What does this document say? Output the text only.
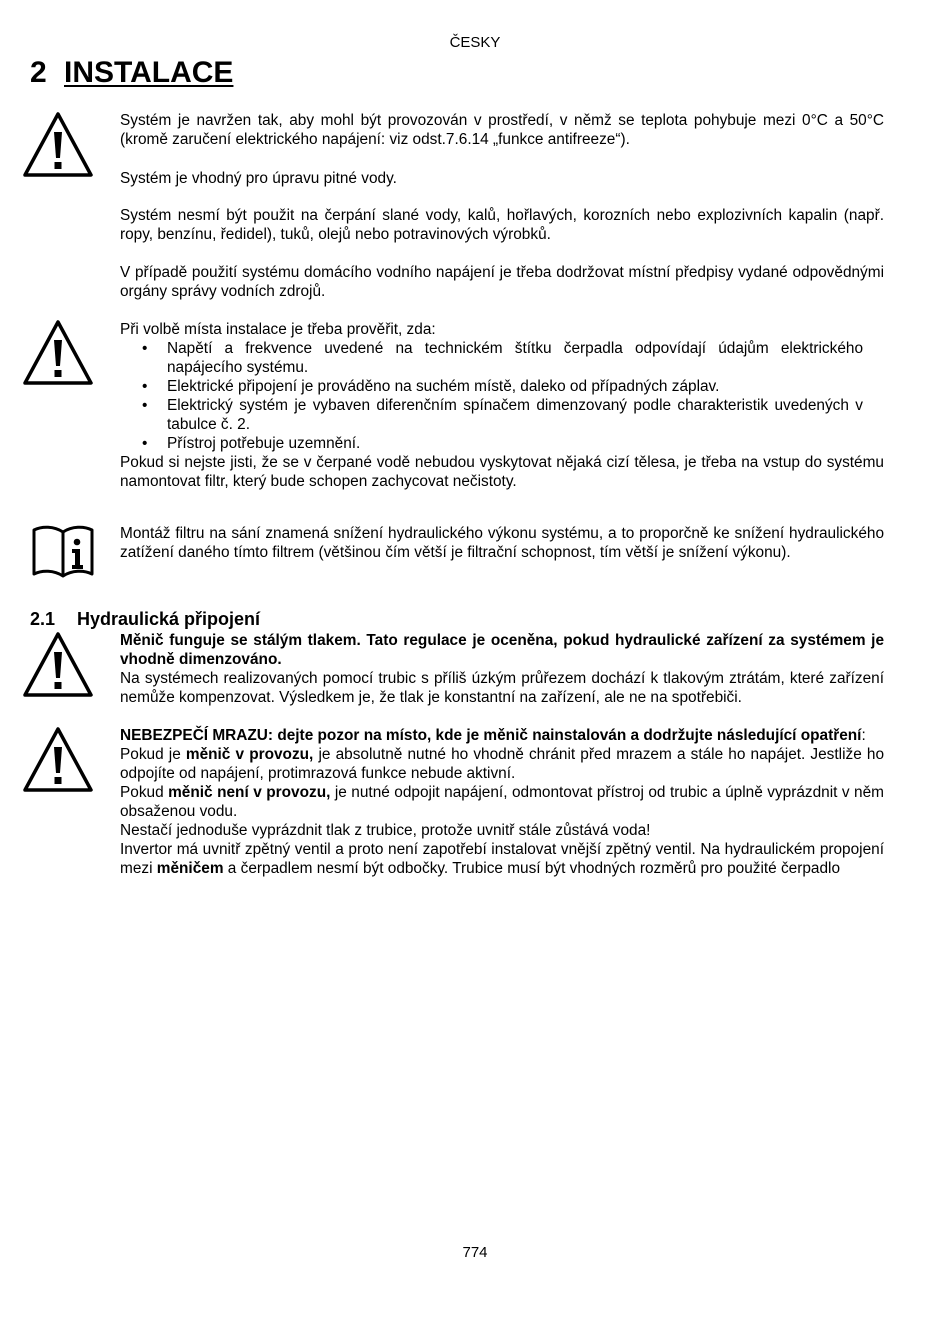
ČESKY
2 INSTALACE
Systém je navržen tak, aby mohl být provozován v prostředí, v němž se teplota pohybuje mezi 0°C a 50°C (kromě zaručení elektrického napájení: viz odst.7.6.14 „funkce antifreeze“).
Systém je vhodný pro úpravu pitné vody.
Systém nesmí být použit na čerpání slané vody, kalů, hořlavých, korozních nebo explozivních kapalin (např. ropy, benzínu, ředidel), tuků, olejů nebo potravinových výrobků.
V případě použití systému domácího vodního napájení je třeba dodržovat místní předpisy vydané odpovědnými orgány správy vodních zdrojů.

Při volbě místa instalace je třeba prověřit, zda:

• Napětí a frekvence uvedené na technickém štítku čerpadla odpovídají údajům elektrického napájecího systému.
• Elektrické připojení je prováděno na suchém místě, daleko od případných záplav.
• Elektrický systém je vybaven diferenčním spínačem dimenzovaný podle charakteristik uvedených v tabulce č. 2.
• Přístroj potřebuje uzemnění.

Pokud si nejste jisti, že se v čerpané vodě nebudou vyskytovat nějaká cizí tělesa, je třeba na vstup do systému namontovat filtr, který bude schopen zachycovat nečistoty.

Montáž filtru na sání znamená snížení hydraulického výkonu systému, a to proporčně ke snížení hydraulického zatížení daného tímto filtrem (většinou čím větší je filtrační schopnost, tím větší je snížení výkonu).
2.1 Hydraulická připojení

Měnič funguje se stálým tlakem. Tato regulace je oceněna, pokud hydraulické zařízení za systémem je vhodně dimenzováno.

Na systémech realizovaných pomocí trubic s příliš úzkým průřezem dochází k tlakovým ztrátám, které zařízení nemůže kompenzovat. Výsledkem je, že tlak je konstantní na zařízení, ale ne na spotřebiči.

NEBEZPEČÍ MRAZU: dejte pozor na místo, kde je měnič nainstalován a dodržujte následující opatření:

Pokud je měnič v provozu, je absolutně nutné ho vhodně chránit před mrazem a stále ho napájet. Jestliže ho odpojíte od napájení, protimrazová funkce nebude aktivní.

Pokud měnič není v provozu, je nutné odpojit napájení, odmontovat přístroj od trubic a úplně vyprázdnit v něm obsaženou vodu.

Nestačí jednoduše vyprázdnit tlak z trubice, protože uvnitř stále zůstává voda!

Invertor má uvnitř zpětný ventil a proto není zapotřebí instalovat vnější zpětný ventil. Na hydraulickém propojení mezi měničem a čerpadlem nesmí být odbočky. Trubice musí být vhodných rozměrů pro použité čerpadlo

774
